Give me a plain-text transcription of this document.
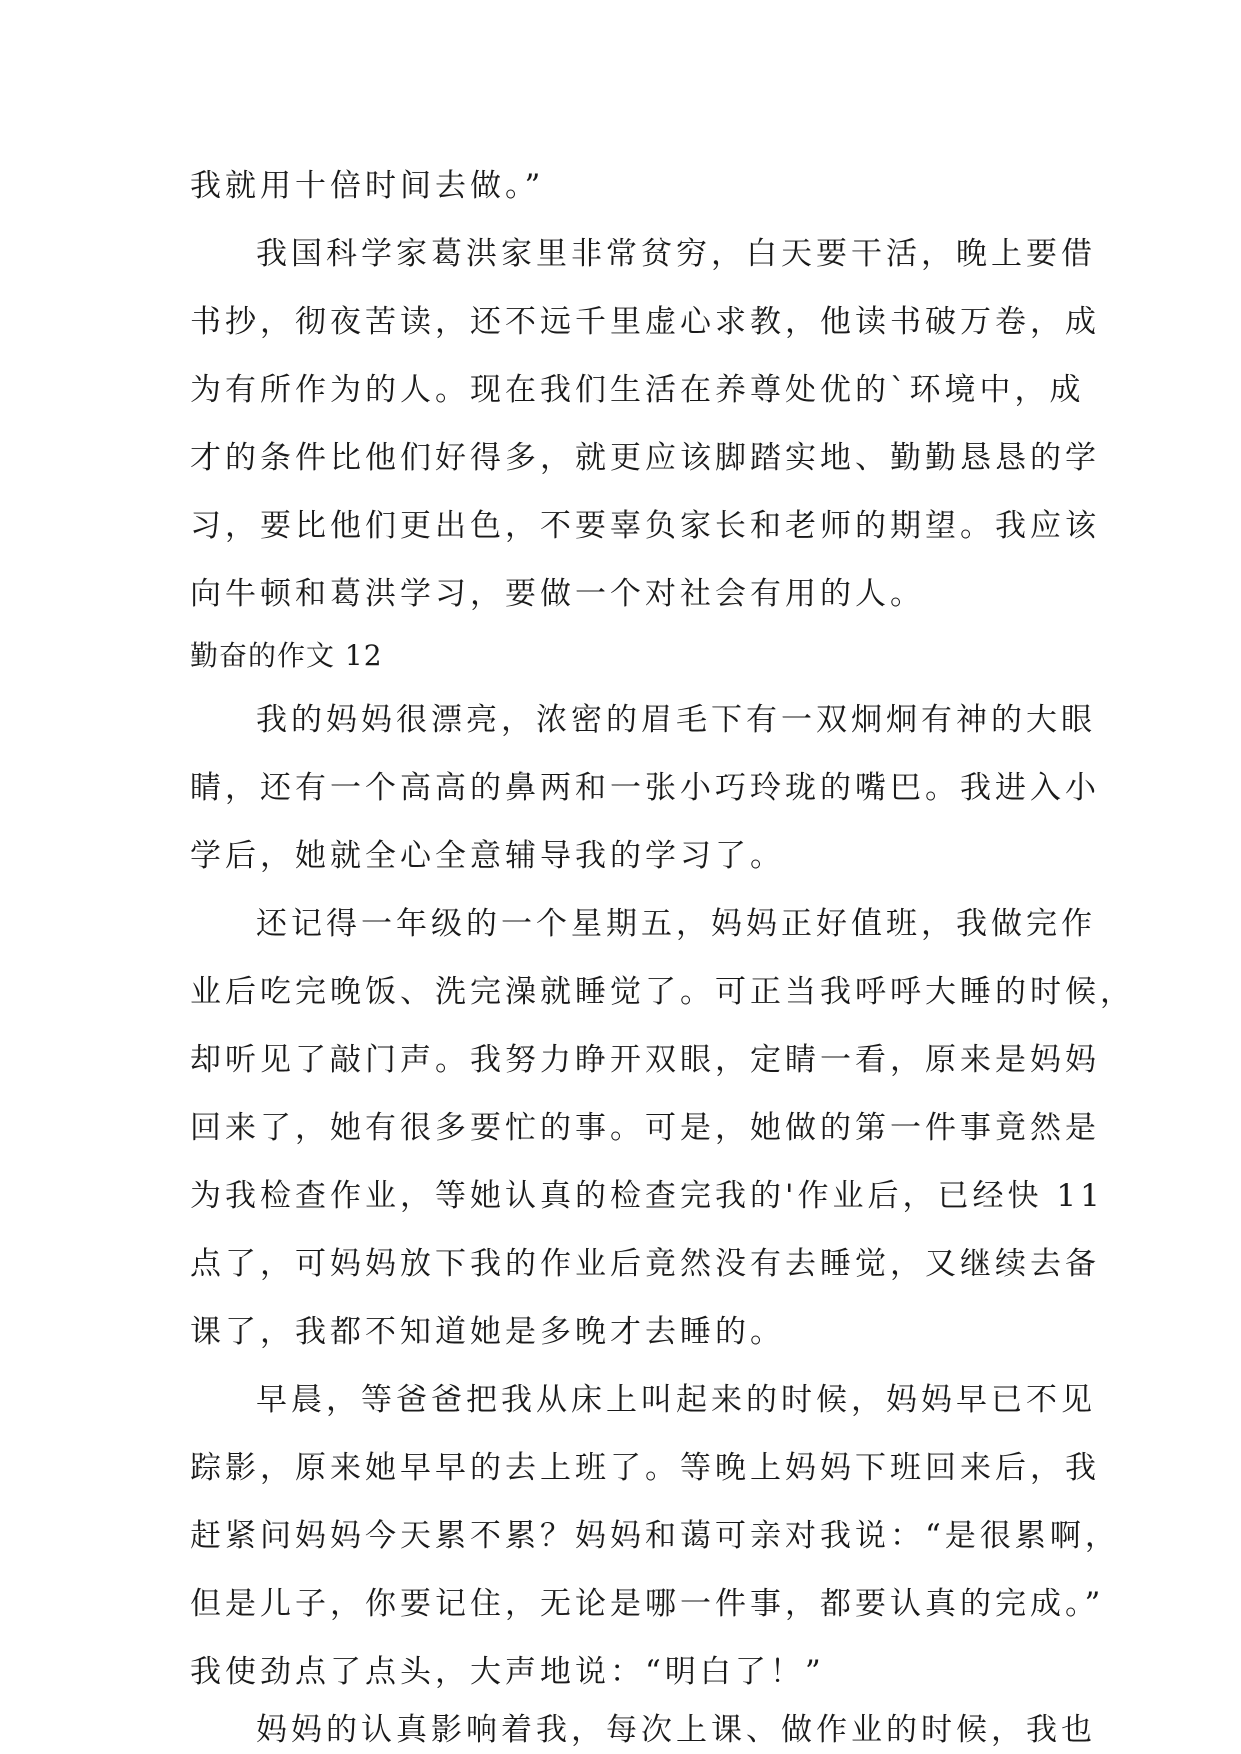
我就用十倍时间去做。”
我国科学家葛洪家里非常贫穷，白天要干活，晚上要借
书抄，彻夜苦读，还不远千里虚心求教，他读书破万卷，成
为有所作为的人。现在我们生活在养尊处优的`环境中，成
才的条件比他们好得多，就更应该脚踏实地、勤勤恳恳的学
习，要比他们更出色，不要辜负家长和老师的期望。我应该
向牛顿和葛洪学习，要做一个对社会有用的人。
勤奋的作文 12
我的妈妈很漂亮，浓密的眉毛下有一双炯炯有神的大眼
睛，还有一个高高的鼻两和一张小巧玲珑的嘴巴。我进入小
学后，她就全心全意辅导我的学习了。
还记得一年级的一个星期五，妈妈正好值班，我做完作
业后吃完晚饭、洗完澡就睡觉了。可正当我呼呼大睡的时候，
却听见了敲门声。我努力睁开双眼，定睛一看，原来是妈妈
回来了，她有很多要忙的事。可是，她做的第一件事竟然是
为我检查作业，等她认真的检查完我的'作业后，已经快 11
点了，可妈妈放下我的作业后竟然没有去睡觉，又继续去备
课了，我都不知道她是多晚才去睡的。
早晨，等爸爸把我从床上叫起来的时候，妈妈早已不见
踪影，原来她早早的去上班了。等晚上妈妈下班回来后，我
赶紧问妈妈今天累不累？妈妈和蔼可亲对我说：“是很累啊，
但是儿子，你要记住，无论是哪一件事，都要认真的完成。”
我使劲点了点头，大声地说：“明白了！”
妈妈的认真影响着我，每次上课、做作业的时候，我也
